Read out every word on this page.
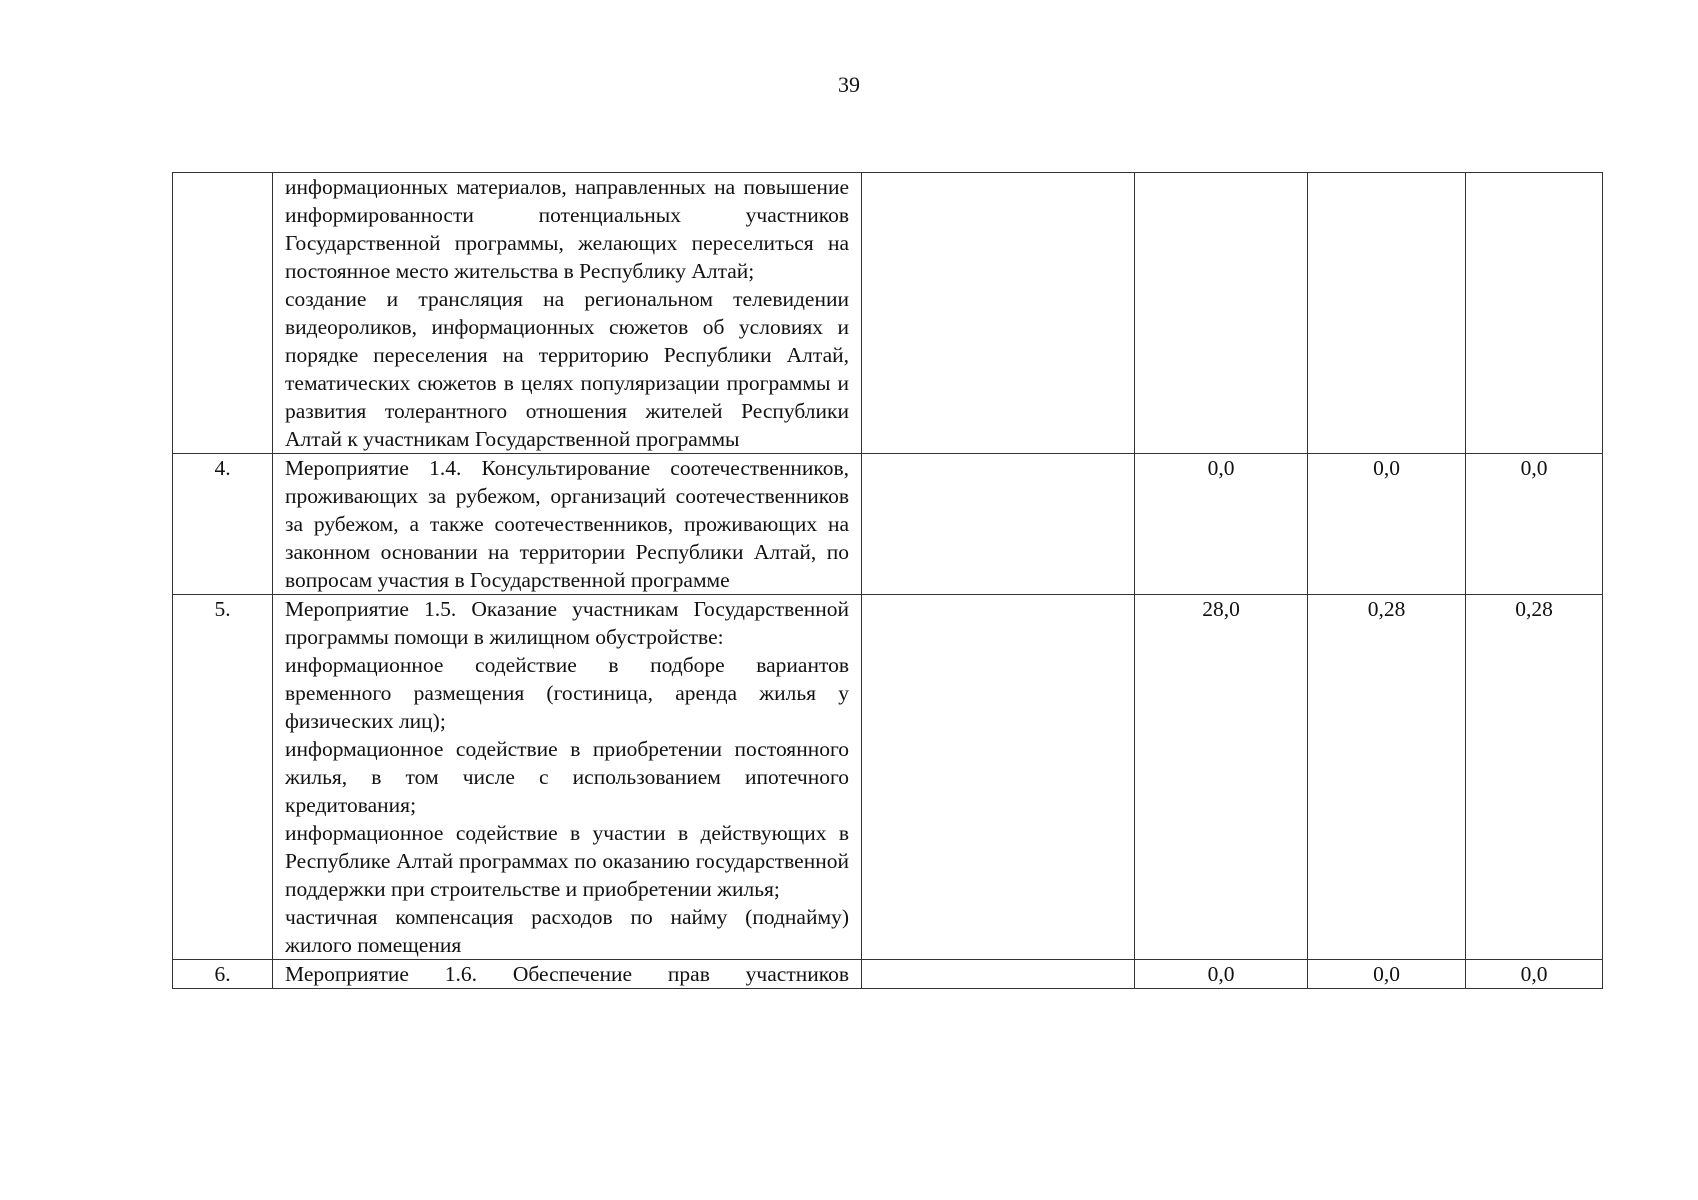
39

	информационных материалов, направленных на повышение информированности потенциальных участников Государственной программы, желающих переселиться на постоянное место жительства в Республику Алтай;

создание и трансляция на региональном телевидении видеороликов, информационных сюжетов об условиях и порядке переселения на территорию Республики Алтай, тематических сюжетов в целях популяризации программы и развития толерантного отношения жителей Республики Алтай к участникам Государственной программы				

4.	Мероприятие 1.4. Консультирование соотечественников, проживающих за рубежом, организаций соотечественников за рубежом, а также соотечественников, проживающих на законном основании на территории Республики Алтай, по вопросам участия в Государственной программе		0,0	0,0	0,0
5.	Мероприятие 1.5. Оказание участникам Государственной программы помощи в жилищном обустройстве:

информационное содействие в подборе вариантов временного размещения (гостиница, аренда жилья у физических лиц);

информационное содействие в приобретении постоянного жилья, в том числе с использованием ипотечного кредитования;

информационное содействие в участии в действующих в Республике Алтай программах по оказанию государственной поддержки при строительстве и приобретении жилья;

частичная компенсация расходов по найму (поднайму) жилого помещения		28,0	0,28	0,28
6.	Мероприятие 1.6. Обеспечение прав участников		0,0	0,0	0,0
